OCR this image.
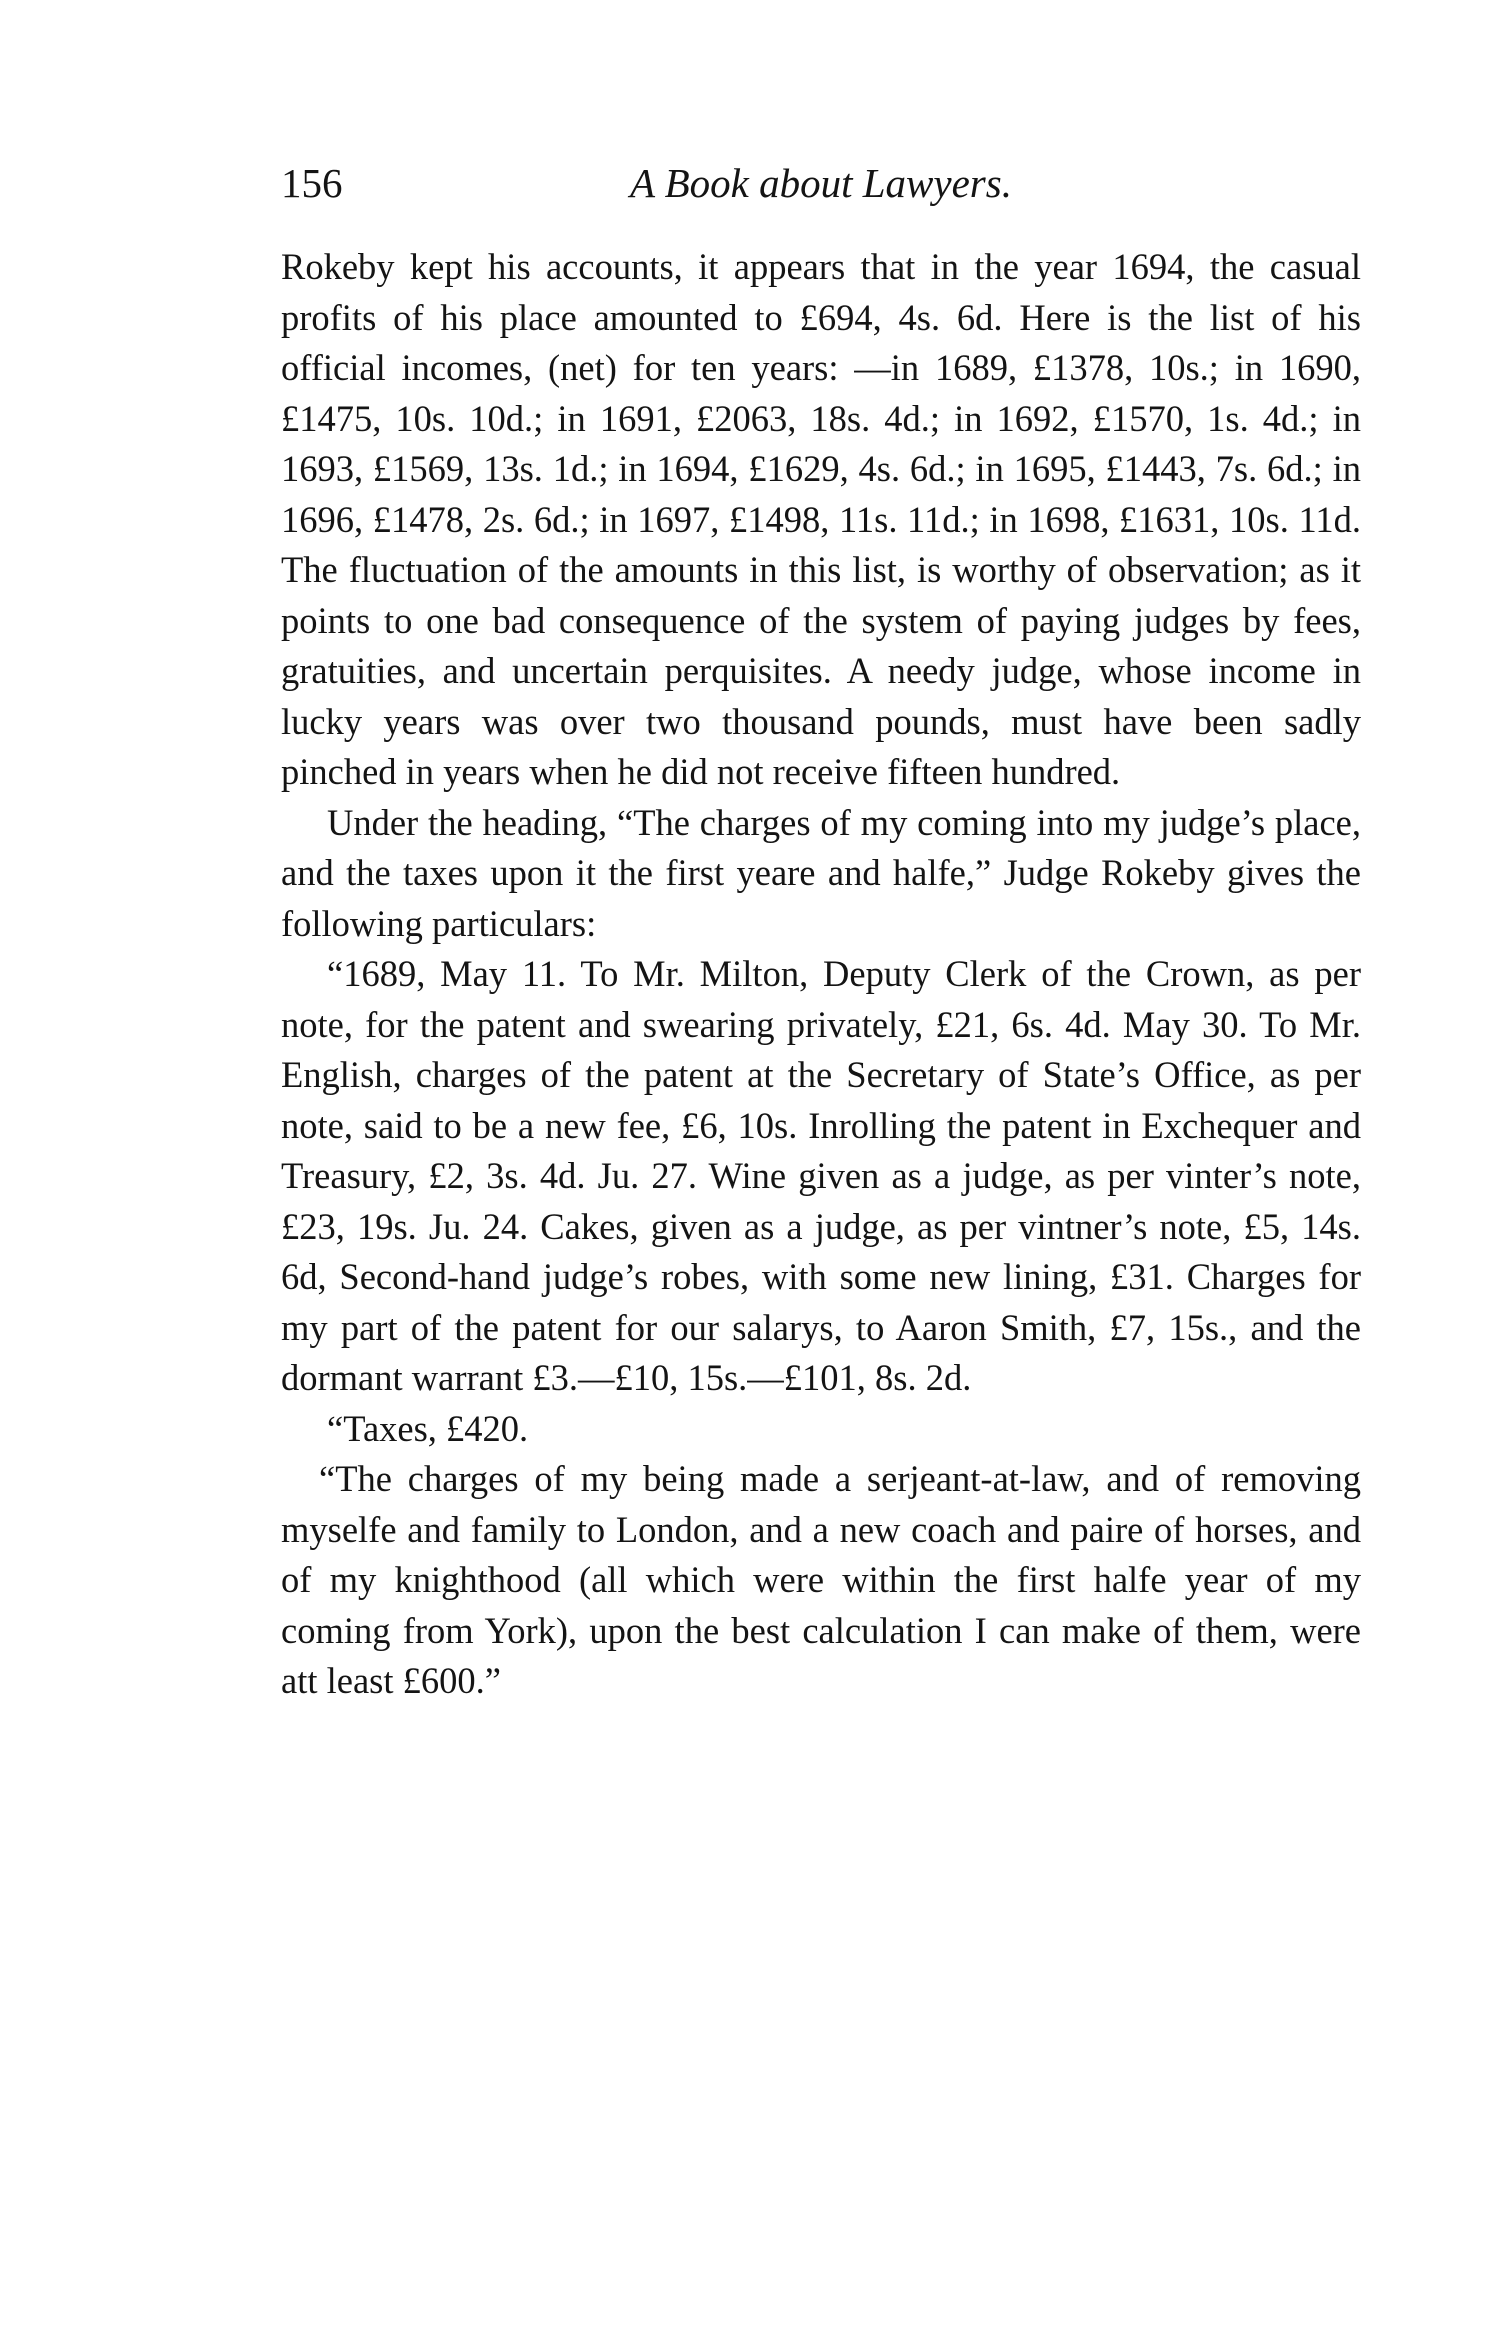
156	A Book about Lawyers.

Rokeby kept his accounts, it appears that in the year 1694, the casual profits of his place amounted to £694, 4s. 6d. Here is the list of his official incomes, (net) for ten years: —in 1689, £1378, 10s.; in 1690, £1475, 10s. 10d.; in 1691, £2063, 18s. 4d.; in 1692, £1570, 1s. 4d.; in 1693, £1569, 13s. 1d.; in 1694, £1629, 4s. 6d.; in 1695, £1443, 7s. 6d.; in 1696, £1478, 2s. 6d.; in 1697, £1498, 11s. 11d.; in 1698, £1631, 10s. 11d. The fluctuation of the amounts in this list, is worthy of observation; as it points to one bad consequence of the system of paying judges by fees, gratuities, and uncertain perquisites. A needy judge, whose income in lucky years was over two thousand pounds, must have been sadly pinched in years when he did not receive fifteen hundred.

Under the heading, “The charges of my coming into my judge’s place, and the taxes upon it the first yeare and halfe,” Judge Rokeby gives the following particulars:

“1689, May 11. To Mr. Milton, Deputy Clerk of the Crown, as per note, for the patent and swearing privately, £21, 6s. 4d. May 30. To Mr. English, charges of the patent at the Secretary of State’s Office, as per note, said to be a new fee, £6, 10s. Inrolling the patent in Exchequer and Treasury, £2, 3s. 4d. Ju. 27. Wine given as a judge, as per vinter’s note, £23, 19s. Ju. 24. Cakes, given as a judge, as per vintner’s note, £5, 14s. 6d, Second-hand judge’s robes, with some new lining, £31. Charges for my part of the patent for our salarys, to Aaron Smith, £7, 15s., and the dormant warrant £3.—£10, 15s.—£101, 8s. 2d.

“Taxes, £420.

“The charges of my being made a serjeant-at-law, and of removing myselfe and family to London, and a new coach and paire of horses, and of my knighthood (all which were within the first halfe year of my coming from York), upon the best calculation I can make of them, were att least £600.”
